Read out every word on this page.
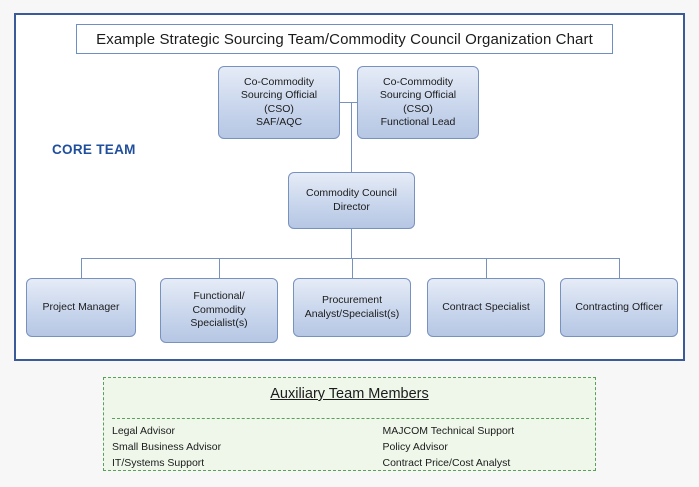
Example Strategic Sourcing Team/Commodity Council Organization Chart
CORE TEAM
Co-Commodity
Sourcing Official
(CSO)
SAF/AQC
Co-Commodity
Sourcing Official
(CSO)
Functional Lead
Commodity Council
Director
Project Manager
Functional/
Commodity
Specialist(s)
Procurement
Analyst/Specialist(s)
Contract Specialist	Contracting Officer
Auxiliary Team Members
Legal Advisor
Small Business Advisor
IT/Systems Support
MAJCOM Technical Support
Policy Advisor
Contract Price/Cost Analyst
